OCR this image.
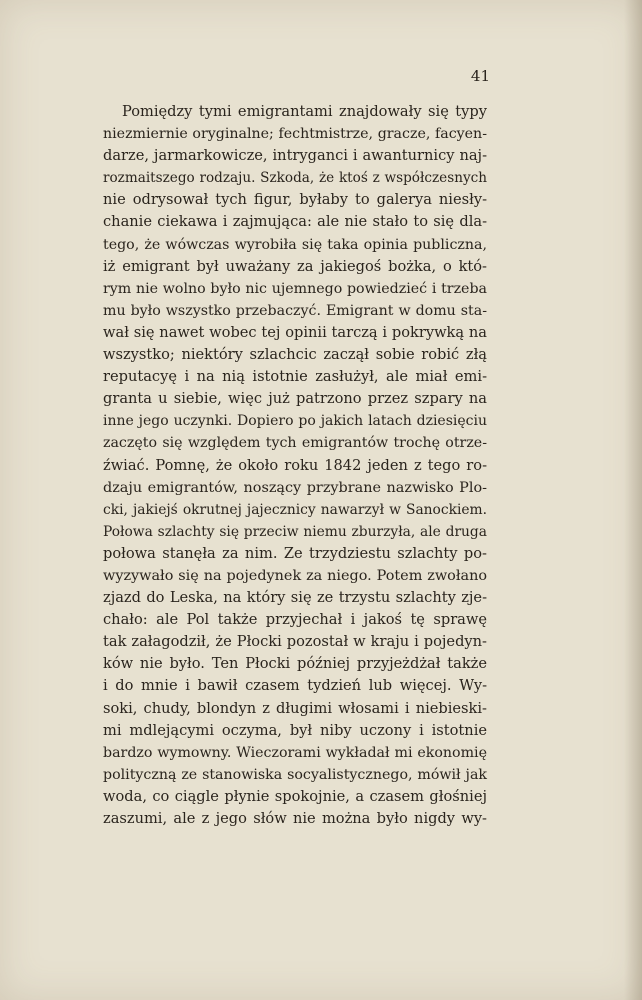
41
Pomiędzy tymi emigrantami znajdowały się typy
niezmiernie oryginalne; fechtmistrze, gracze, facyen-
darze, jarmarkowicze, intryganci i awanturnicy naj-
rozmaitszego rodzaju. Szkoda, że ktoś z współczesnych
nie odrysował tych figur, byłaby to galerya niesły-
chanie ciekawa i zajmująca: ale nie stało to się dla-
tego, że wówczas wyrobiła się taka opinia publiczna,
iż emigrant był uważany za jakiegoś bożka, o któ-
rym nie wolno było nic ujemnego powiedzieć i trzeba
mu było wszystko przebaczyć. Emigrant w domu sta-
wał się nawet wobec tej opinii tarczą i pokrywką na
wszystko; niektóry szlachcic zaczął sobie robić złą
reputacyę i na nią istotnie zasłużył, ale miał emi-
granta u siebie, więc już patrzono przez szpary na
inne jego uczynki. Dopiero po jakich latach dziesięciu
zaczęto się względem tych emigrantów trochę otrze-
źwiać. Pomnę, że około roku 1842 jeden z tego ro-
dzaju emigrantów, noszący przybrane nazwisko Plo-
cki, jakiejś okrutnej jajecznicy nawarzył w Sanockiem.
Połowa szlachty się przeciw niemu zburzyła, ale druga
połowa stanęła za nim. Ze trzydziestu szlachty po-
wyzywało się na pojedynek za niego. Potem zwołano
zjazd do Leska, na który się ze trzystu szlachty zje-
chało: ale Pol także przyjechał i jakoś tę sprawę
tak załagodził, że Płocki pozostał w kraju i pojedyn-
ków nie było. Ten Płocki później przyjeżdżał także
i do mnie i bawił czasem tydzień lub więcej. Wy-
soki, chudy, blondyn z długimi włosami i niebieski-
mi mdlejącymi oczyma, był niby uczony i istotnie
bardzo wymowny. Wieczorami wykładał mi ekonomię
polityczną ze stanowiska socyalistycznego, mówił jak
woda, co ciągle płynie spokojnie, a czasem głośniej
zaszumi, ale z jego słów nie można było nigdy wy-
